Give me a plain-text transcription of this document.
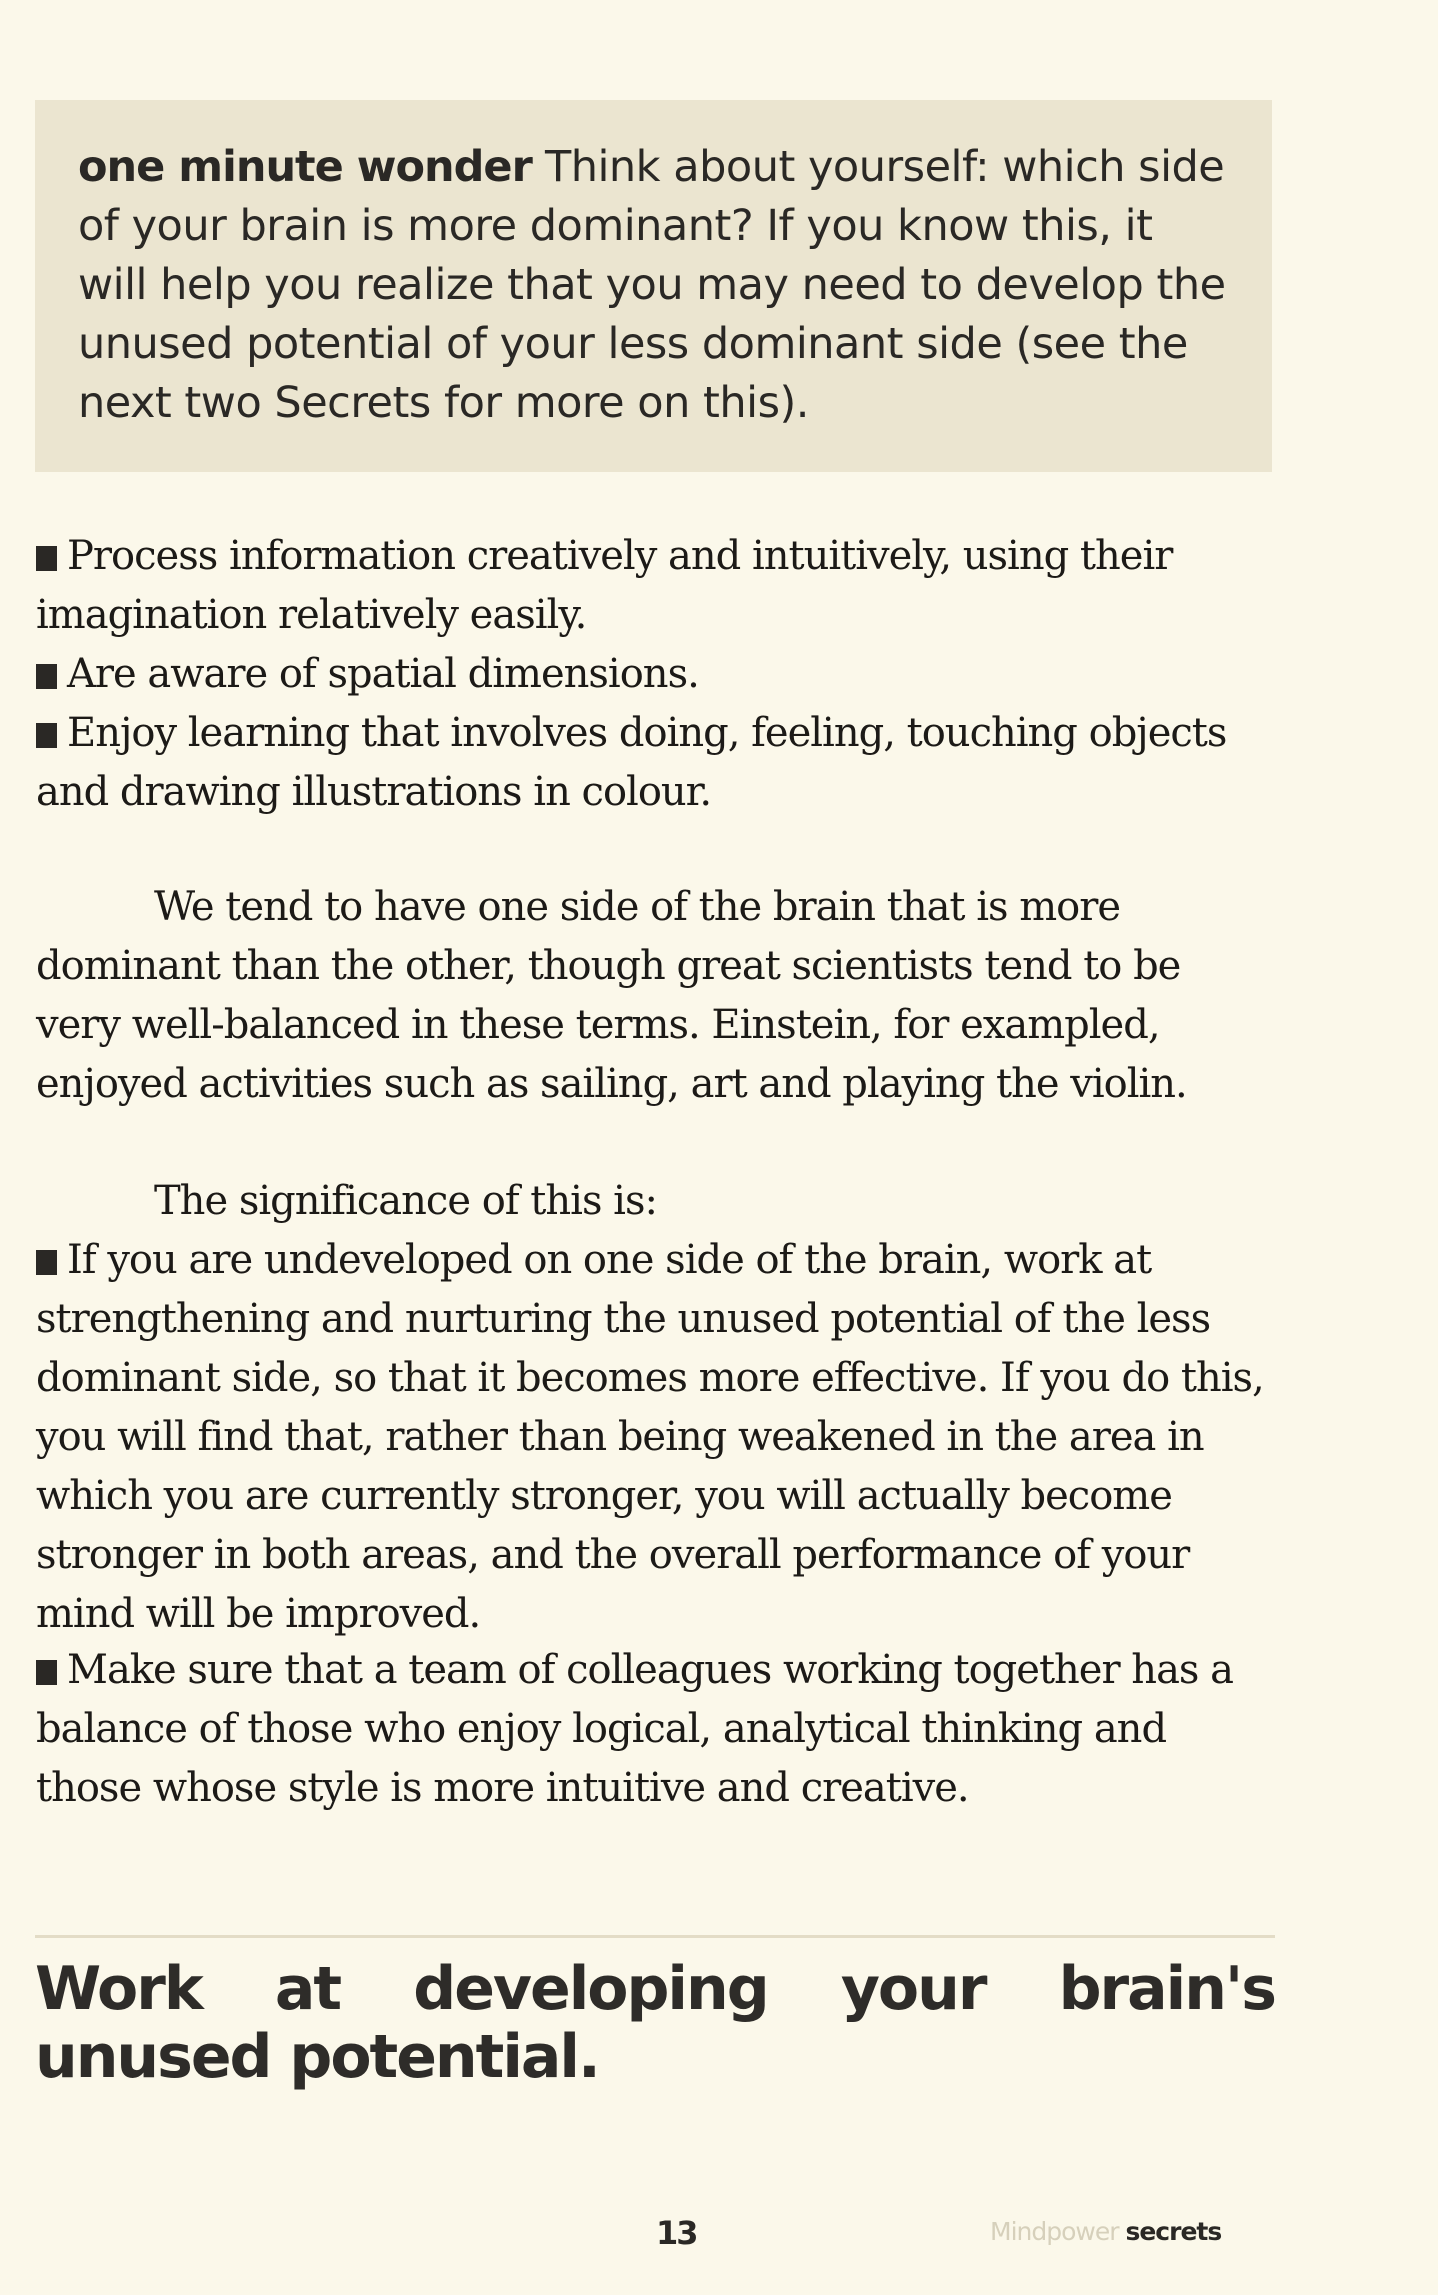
one minute wonder Think about yourself: which side of your brain is more dominant? If you know this, it will help you realize that you may need to develop the unused potential of your less dominant side (see the next two Secrets for more on this).

Process information creatively and intuitively, using their imagination relatively easily.
Are aware of spatial dimensions.
Enjoy learning that involves doing, feeling, touching objects and drawing illustrations in colour.

We tend to have one side of the brain that is more dominant than the other, though great scientists tend to be very well-balanced in these terms. Einstein, for exampled, enjoyed activities such as sailing, art and playing the violin.

The significance of this is:

If you are undeveloped on one side of the brain, work at strengthening and nurturing the unused potential of the less dominant side, so that it becomes more effective. If you do this, you will find that, rather than being weakened in the area in which you are currently stronger, you will actually become stronger in both areas, and the overall performance of your mind will be improved.
Make sure that a team of colleagues working together has a balance of those who enjoy logical, analytical thinking and those whose style is more intuitive and creative.

Work at developing your brain's unused potential.

13	Mindpower secrets
